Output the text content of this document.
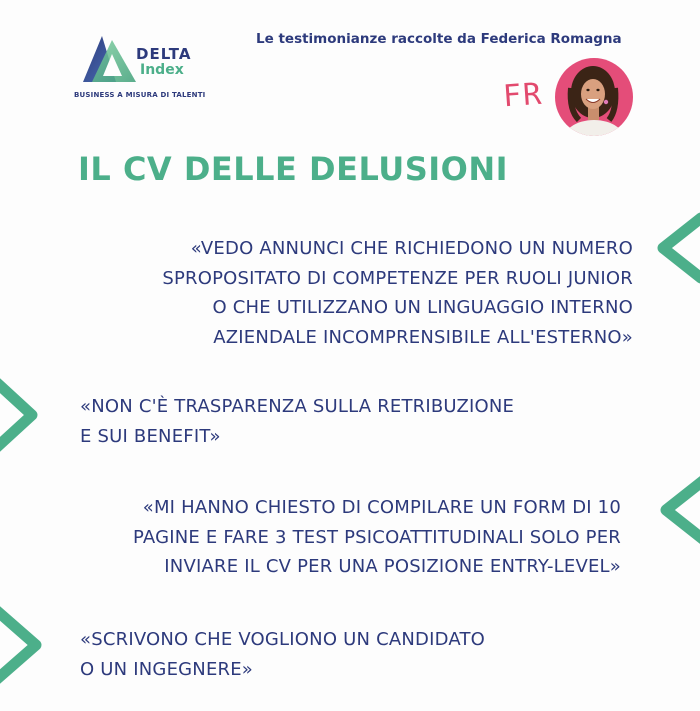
DELTA
Index
BUSINESS A MISURA DI TALENTI
Le testimonianze raccolte da Federica Romagna
FR
IL CV DELLE DELUSIONI
«VEDO ANNUNCI CHE RICHIEDONO UN NUMERO
SPROPOSITATO DI COMPETENZE PER RUOLI JUNIOR
O CHE UTILIZZANO UN LINGUAGGIO INTERNO
AZIENDALE INCOMPRENSIBILE ALL'ESTERNO»
«NON C'È TRASPARENZA SULLA RETRIBUZIONE
E SUI BENEFIT»
«MI HANNO CHIESTO DI COMPILARE UN FORM DI 10
PAGINE E FARE 3 TEST PSICOATTITUDINALI SOLO PER
INVIARE IL CV PER UNA POSIZIONE ENTRY-LEVEL»
«SCRIVONO CHE VOGLIONO UN CANDIDATO
O UN INGEGNERE»
